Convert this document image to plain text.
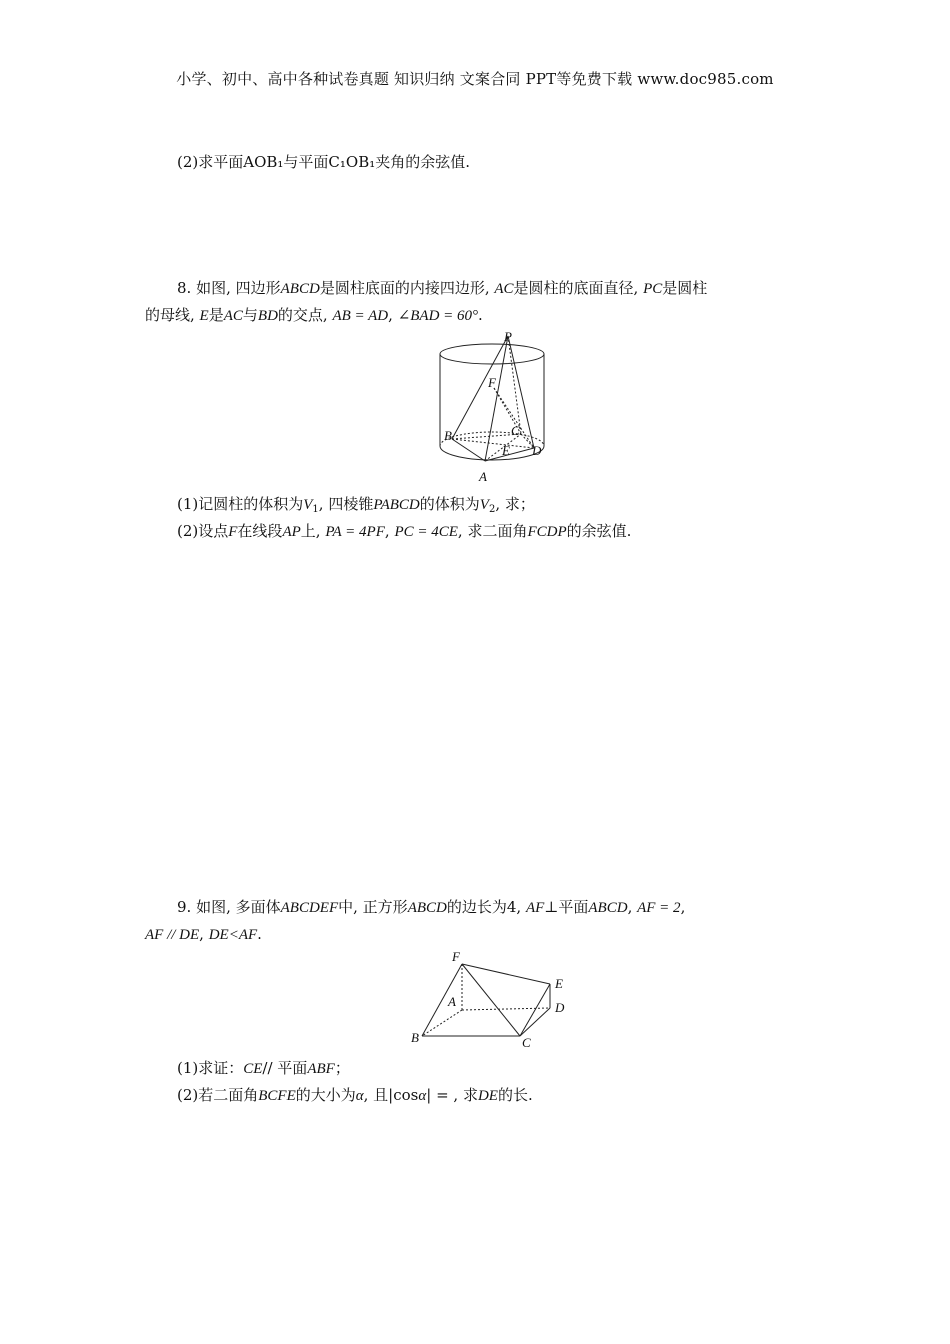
小学、初中、高中各种试卷真题 知识归纳 文案合同 PPT等免费下载 www.doc985.com
(2)求平面AOB₁与平面C₁OB₁夹角的余弦值.
8. 如图, 四边形ABCD是圆柱底面的内接四边形, AC是圆柱的底面直径, PC是圆柱
的母线, E是AC与BD的交点, AB = AD, ∠BAD = 60°.
P
F
B	C
E D
A
(1)记圆柱的体积为$V_1$, 四棱锥PABCD的体积为$V_2$, 求；
(2)设点F在线段AP上, PA = 4PF, PC = 4CE, 求二面角FCDP的余弦值.
9. 如图, 多面体ABCDEF中, 正方形ABCD的边长为4, AF⊥平面ABCD, AF = 2,
AF // DE, DE<AF.
F
A
E
D
B	C
(1)求证：CE// 平面ABF；
(2)若二面角BCFE的大小为α, 且|cosα| = , 求DE的长.
